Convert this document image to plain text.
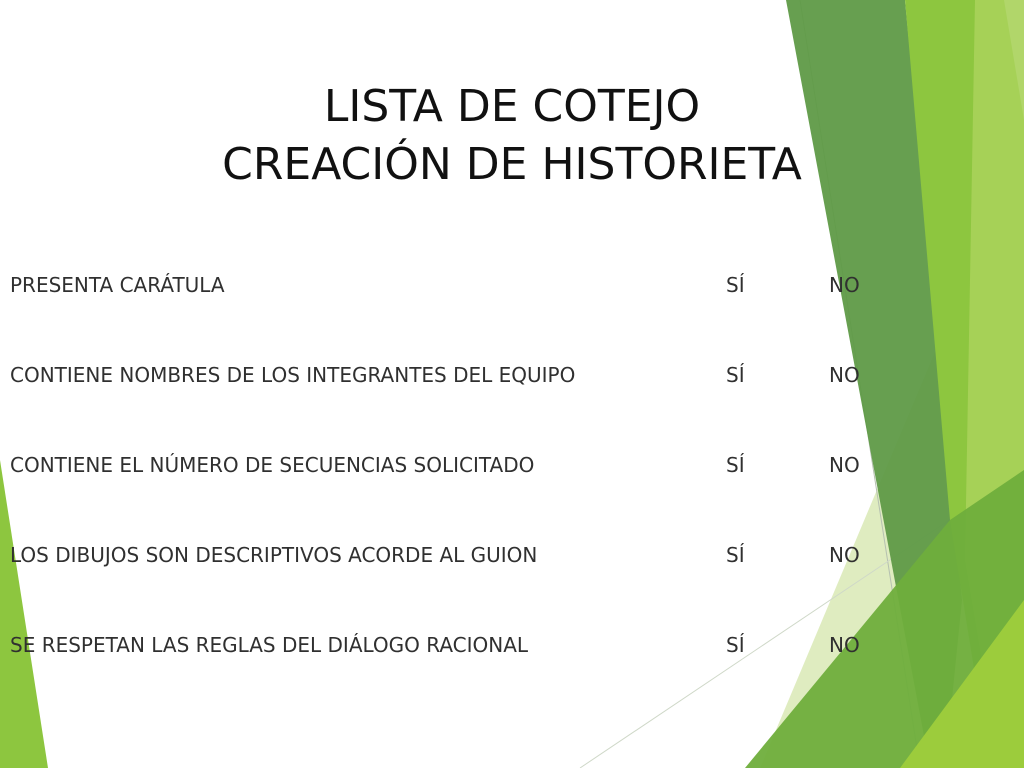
LISTA DE COTEJO
CREACIÓN DE HISTORIETA
PRESENTA CARÁTULA	SÍ	NO
CONTIENE NOMBRES DE LOS INTEGRANTES DEL EQUIPO	SÍ	NO
CONTIENE EL NÚMERO DE SECUENCIAS SOLICITADO	SÍ	NO
LOS DIBUJOS SON DESCRIPTIVOS ACORDE AL GUION	SÍ	NO
SE RESPETAN LAS REGLAS DEL DIÁLOGO RACIONAL	SÍ	NO
